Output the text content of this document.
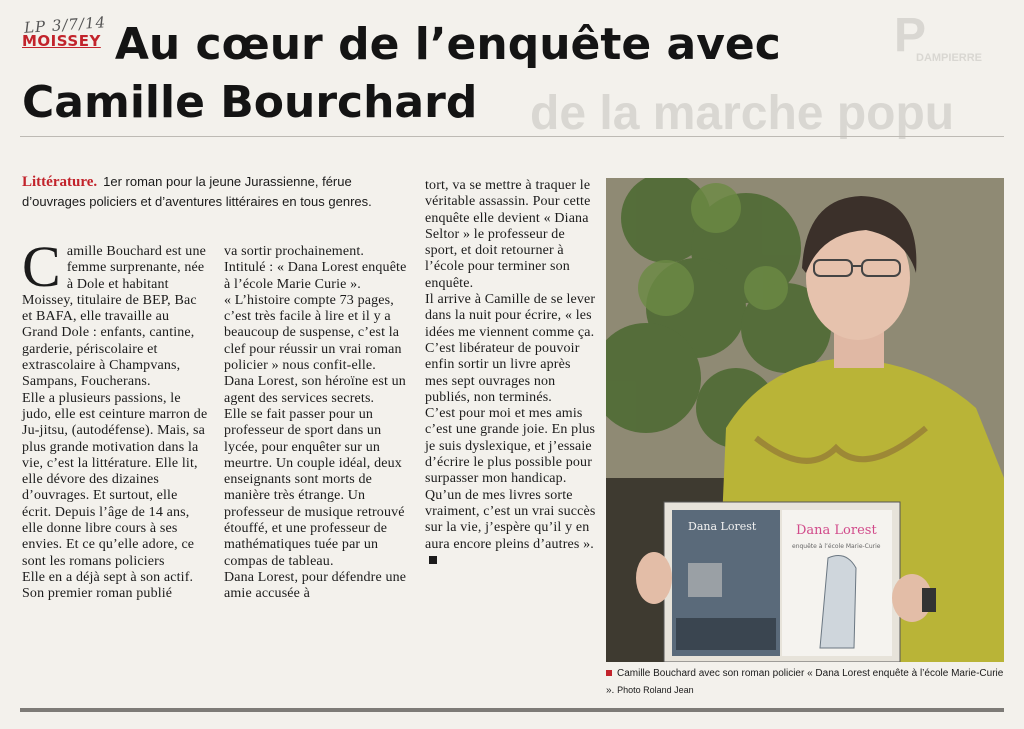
DAMPIERRE
P
de la marche popu
LP 3/7/14
MOISSEY Au cœur de l’enquête avec
Camille Bourchard
Littérature. 1er roman pour la jeune Jurassienne, férue d’ouvrages policiers et d’aventures littéraires en tous genres.
C amille Bouchard est une femme surprenante, née à Dole et habitant Moissey, titulaire de BEP, Bac et BAFA, elle travaille au Grand Dole : enfants, cantine, garderie, périscolaire et extrascolaire à Champvans, Sampans, Foucherans.

Elle a plusieurs passions, le judo, elle est ceinture marron de Ju-jitsu, (autodéfense). Mais, sa plus grande motivation dans la vie, c’est la littérature. Elle lit, elle dévore des dizaines d’ouvrages. Et surtout, elle écrit. Depuis l’âge de 14 ans, elle donne libre cours à ses envies. Et ce qu’elle adore, ce sont les romans policiers

Elle en a déjà sept à son actif.

Son premier roman publié

va sortir prochainement.

Intitulé : « Dana Lorest enquête à l’école Marie Curie ».

« L’histoire compte 73 pages, c’est très facile à lire et il y a beaucoup de suspense, c’est la clef pour réussir un vrai roman policier » nous confit-elle.

Dana Lorest, son héroïne est un agent des services secrets.

Elle se fait passer pour un professeur de sport dans un lycée, pour enquêter sur un meurtre. Un couple idéal, deux enseignants sont morts de manière très étrange. Un professeur de musique retrouvé étouffé, et une professeur de mathématiques tuée par un compas de tableau.

Dana Lorest, pour défendre une amie accusée à

tort, va se mettre à traquer le véritable assassin. Pour cette enquête elle devient « Diana Seltor » le professeur de sport, et doit retourner à l’école pour terminer son enquête.

Il arrive à Camille de se lever dans la nuit pour écrire, « les idées me viennent comme ça. C’est libérateur de pouvoir enfin sortir un livre après mes sept ouvrages non publiés, non terminés.

C’est pour moi et mes amis c’est une grande joie. En plus je suis dyslexique, et j’essaie d’écrire le plus possible pour surpasser mon handicap. Qu’un de mes livres sorte vraiment, c’est un vrai succès sur la vie, j’espère qu’il y en aura encore pleins d’autres ».

Dana Lorest	Dana Lorest
enquête à l’école Marie-Curie
Camille Bouchard avec son roman policier « Dana Lorest enquête à l’école Marie-Curie ». Photo Roland Jean
